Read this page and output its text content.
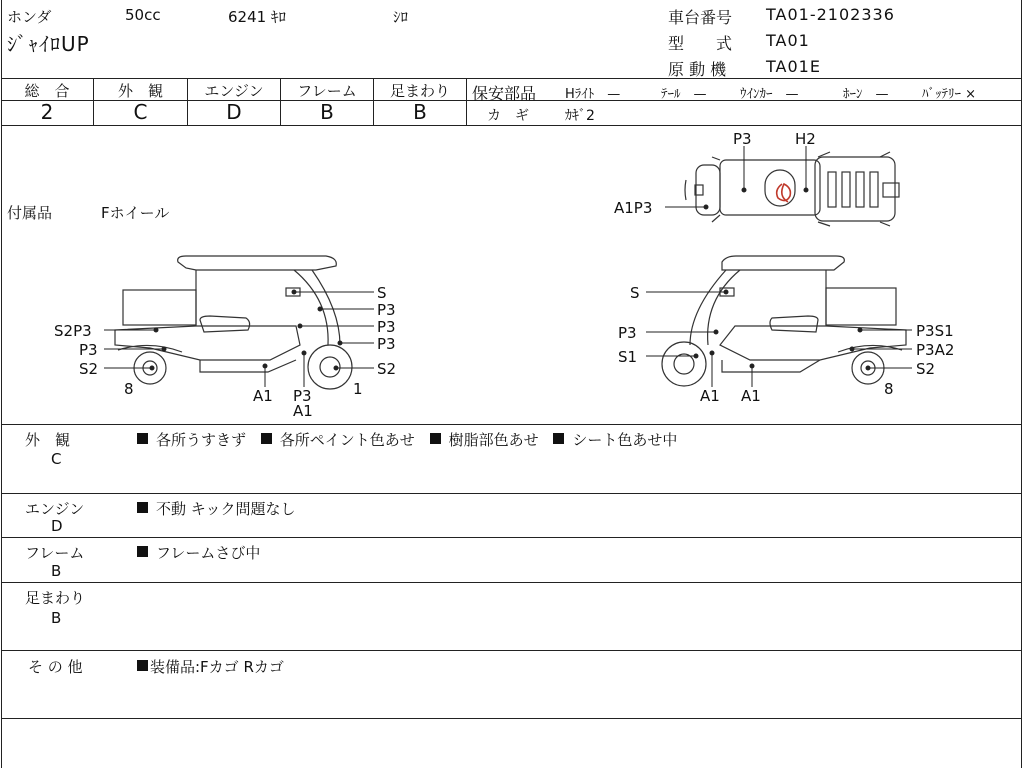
ホンダ	50cc	6241 ｷﾛ	ｼﾛ
ｼﾞｬｲﾛUP
車台番号 TA01-2102336
型　　式 TA01
原 動 機 TA01E
総　合
2
外　観
C
エンジン
D
フレーム
B
足まわり
B
保安部品 Hﾗｲﾄ　—	ﾃｰﾙ　—	ｳｲﾝｶｰ　—	ﾎｰﾝ　—	ﾊﾞｯﾃﾘｰ ×
カ　ギ	ｶｷﾞ2
付属品	Fホイール
P3	H2
A1P3
S
P3
P3
P3
S2
S2P3
P3
S2
8	1
A1 P3
A1
S
P3
S1
A1 A1
P3S1
P3A2
S2
8
外　観
C
各所うすきず 各所ペイント色あせ 樹脂部色あせ シート色あせ中
エンジン
D
不動 キック問題なし
フレーム
B
フレームさび中
足まわり
B
そ の 他	装備品:Fカゴ Rカゴ
